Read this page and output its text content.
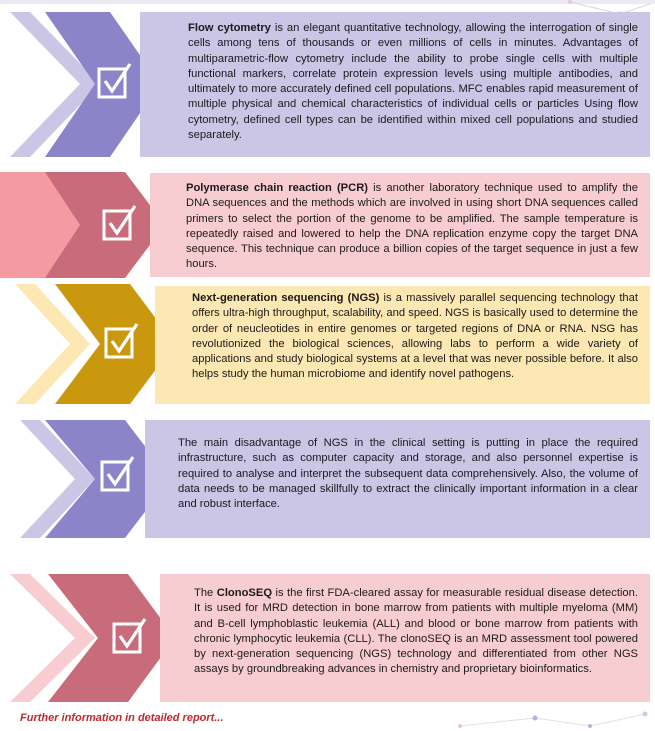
Flow cytometry is an elegant quantitative technology, allowing the interrogation of single cells among tens of thousands or even millions of cells in minutes. Advantages of multiparametric-flow cytometry include the ability to probe single cells with multiple functional markers, correlate protein expression levels using multiple antibodies, and ultimately to more accurately defined cell populations. MFC enables rapid measurement of multiple physical and chemical characteristics of individual cells or particles Using flow cytometry, defined cell types can be identified within mixed cell populations and studied separately.
Polymerase chain reaction (PCR) is another laboratory technique used to amplify the DNA sequences and the methods which are involved in using short DNA sequences called primers to select the portion of the genome to be amplified. The sample temperature is repeatedly raised and lowered to help the DNA replication enzyme copy the target DNA sequence. This technique can produce a billion copies of the target sequence in just a few hours.
Next-generation sequencing (NGS) is a massively parallel sequencing technology that offers ultra-high throughput, scalability, and speed. NGS is basically used to determine the order of neucleotides in entire genomes or targeted regions of DNA or RNA. NSG has revolutionized the biological sciences, allowing labs to perform a wide variety of applications and study biological systems at a level that was never possible before. It also helps study the human microbiome and identify novel pathogens.
The main disadvantage of NGS in the clinical setting is putting in place the required infrastructure, such as computer capacity and storage, and also personnel expertise is required to analyse and interpret the subsequent data comprehensively. Also, the volume of data needs to be managed skillfully to extract the clinically important information in a clear and robust interface.
The ClonoSEQ is the first FDA-cleared assay for measurable residual disease detection. It is used for MRD detection in bone marrow from patients with multiple myeloma (MM) and B-cell lymphoblastic leukemia (ALL) and blood or bone marrow from patients with chronic lymphocytic leukemia (CLL). The clonoSEQ is an MRD assessment tool powered by next-generation sequencing (NGS) technology and differentiated from other NGS assays by groundbreaking advances in chemistry and proprietary bioinformatics.
Further information in detailed report...
